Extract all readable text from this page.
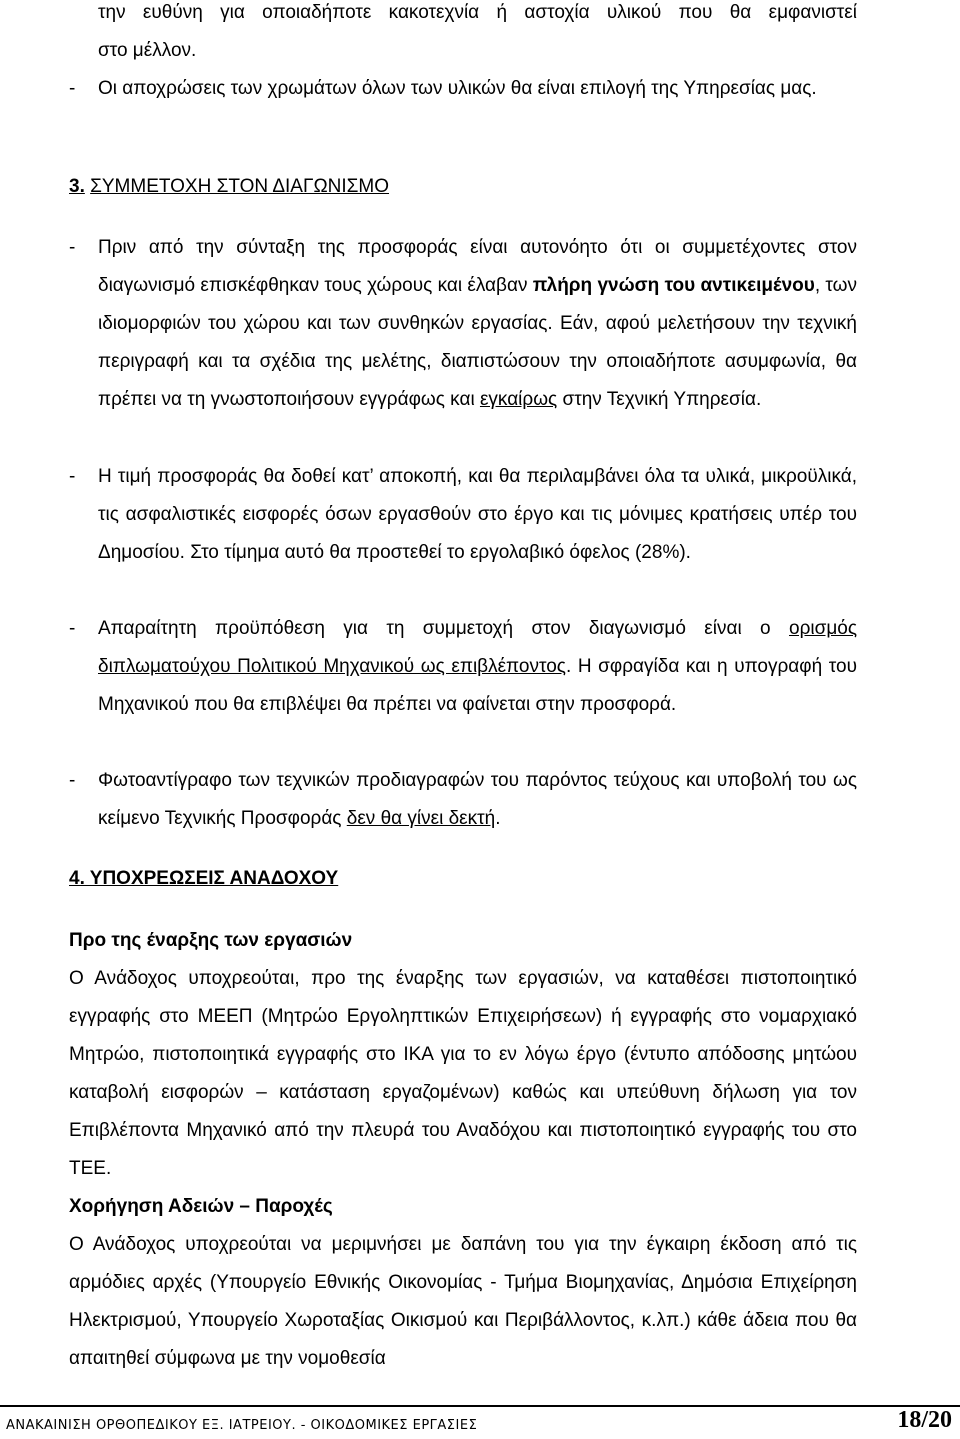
την ευθύνη για οποιαδήποτε κακοτεχνία ή αστοχία υλικού που θα εμφανιστεί

στο μέλλον.

- Οι αποχρώσεις των χρωμάτων όλων των υλικών θα είναι επιλογή της Υπηρεσίας μας.

3. ΣΥΜΜΕΤΟΧΗ ΣΤΟΝ ΔΙΑΓΩΝΙΣΜΟ

- Πριν από την σύνταξη της προσφοράς είναι αυτονόητο ότι οι συμμετέχοντες στον διαγωνισμό επισκέφθηκαν τους χώρους και έλαβαν πλήρη γνώση του αντικειμένου, των ιδιομορφιών του χώρου και των συνθηκών εργασίας. Εάν, αφού μελετήσουν την τεχνική περιγραφή και τα σχέδια της μελέτης, διαπιστώσουν την οποιαδήποτε ασυμφωνία, θα πρέπει να τη γνωστοποιήσουν εγγράφως και εγκαίρως στην Τεχνική Υπηρεσία.
- Η τιμή προσφοράς θα δοθεί κατ’ αποκοπή, και θα περιλαμβάνει όλα τα υλικά, μικροϋλικά, τις ασφαλιστικές εισφορές όσων εργασθούν στο έργο και τις μόνιμες κρατήσεις υπέρ του Δημοσίου. Στο τίμημα αυτό θα προστεθεί το εργολαβικό όφελος (28%).
- Απαραίτητη προϋπόθεση για τη συμμετοχή στον διαγωνισμό είναι ο ορισμός διπλωματούχου Πολιτικού Μηχανικού ως επιβλέποντος. Η σφραγίδα και η υπογραφή του Μηχανικού που θα επιβλέψει θα πρέπει να φαίνεται στην προσφορά.
- Φωτοαντίγραφο των τεχνικών προδιαγραφών του παρόντος τεύχους και υποβολή του ως κείμενο Τεχνικής Προσφοράς δεν θα γίνει δεκτή.

4. ΥΠΟΧΡΕΩΣΕΙΣ ΑΝΑΔΟΧΟΥ

Προ της έναρξης των εργασιών

Ο Ανάδοχος υποχρεούται, προ της έναρξης των εργασιών, να καταθέσει πιστοποιητικό εγγραφής στο ΜΕΕΠ (Μητρώο Εργοληπτικών Επιχειρήσεων) ή εγγραφής στο νομαρχιακό Μητρώο, πιστοποιητικά εγγραφής στο ΙΚΑ για το εν λόγω έργο (έντυπο απόδοσης μητώου καταβολή εισφορών – κατάσταση εργαζομένων) καθώς και υπεύθυνη δήλωση για τον Επιβλέποντα Μηχανικό από την πλευρά του Αναδόχου και πιστοποιητικό εγγραφής του στο ΤΕΕ.

Χορήγηση Αδειών – Παροχές

Ο Ανάδοχος υποχρεούται να μεριμνήσει με δαπάνη του για την έγκαιρη έκδοση από τις αρμόδιες αρχές (Υπουργείο Εθνικής Οικονομίας - Τμήμα Βιομηχανίας, Δημόσια Επιχείρηση Ηλεκτρισμού, Υπουργείο Χωροταξίας Οικισμού και Περιβάλλοντος, κ.λπ.) κάθε άδεια που θα απαιτηθεί σύμφωνα με την νομοθεσία

ΑΝΑΚΑΙΝΙΣΗ ΟΡΘΟΠΕΔΙΚΟΥ ΕΞ. ΙΑΤΡΕΙΟΥ. - ΟΙΚΟΔΟΜΙΚΕΣ ΕΡΓΑΣΙΕΣ	18/20
